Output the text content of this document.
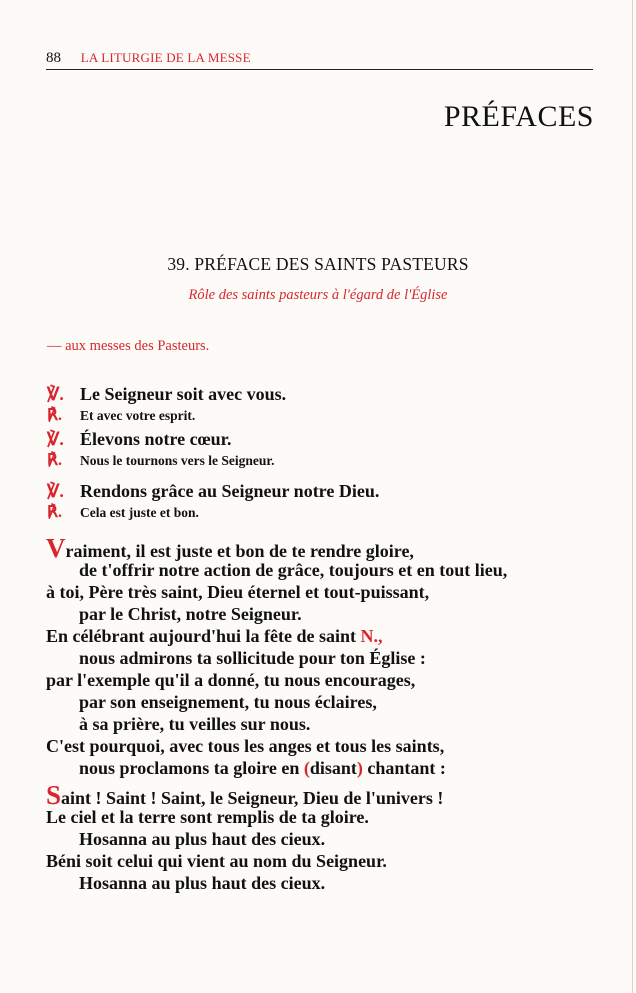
88 LA LITURGIE DE LA MESSE
PRÉFACES
39. PRÉFACE DES SAINTS PASTEURS
Rôle des saints pasteurs à l'égard de l'Église
— aux messes des Pasteurs.
℣. Le Seigneur soit avec vous.
℟.	Et avec votre esprit.
℣. Élevons notre cœur.
℟.	Nous le tournons vers le Seigneur.
℣. Rendons grâce au Seigneur notre Dieu.
℟.	Cela est juste et bon.
Vraiment, il est juste et bon de te rendre gloire,
de t'offrir notre action de grâce, toujours et en tout lieu,
à toi, Père très saint, Dieu éternel et tout-puissant,
par le Christ, notre Seigneur.
En célébrant aujourd'hui la fête de saint N.,
nous admirons ta sollicitude pour ton Église :
par l'exemple qu'il a donné, tu nous encourages,
par son enseignement, tu nous éclaires,
à sa prière, tu veilles sur nous.
C'est pourquoi, avec tous les anges et tous les saints,
nous proclamons ta gloire en (disant) chantant :
Saint ! Saint ! Saint, le Seigneur, Dieu de l'univers !
Le ciel et la terre sont remplis de ta gloire.
Hosanna au plus haut des cieux.
Béni soit celui qui vient au nom du Seigneur.
Hosanna au plus haut des cieux.
